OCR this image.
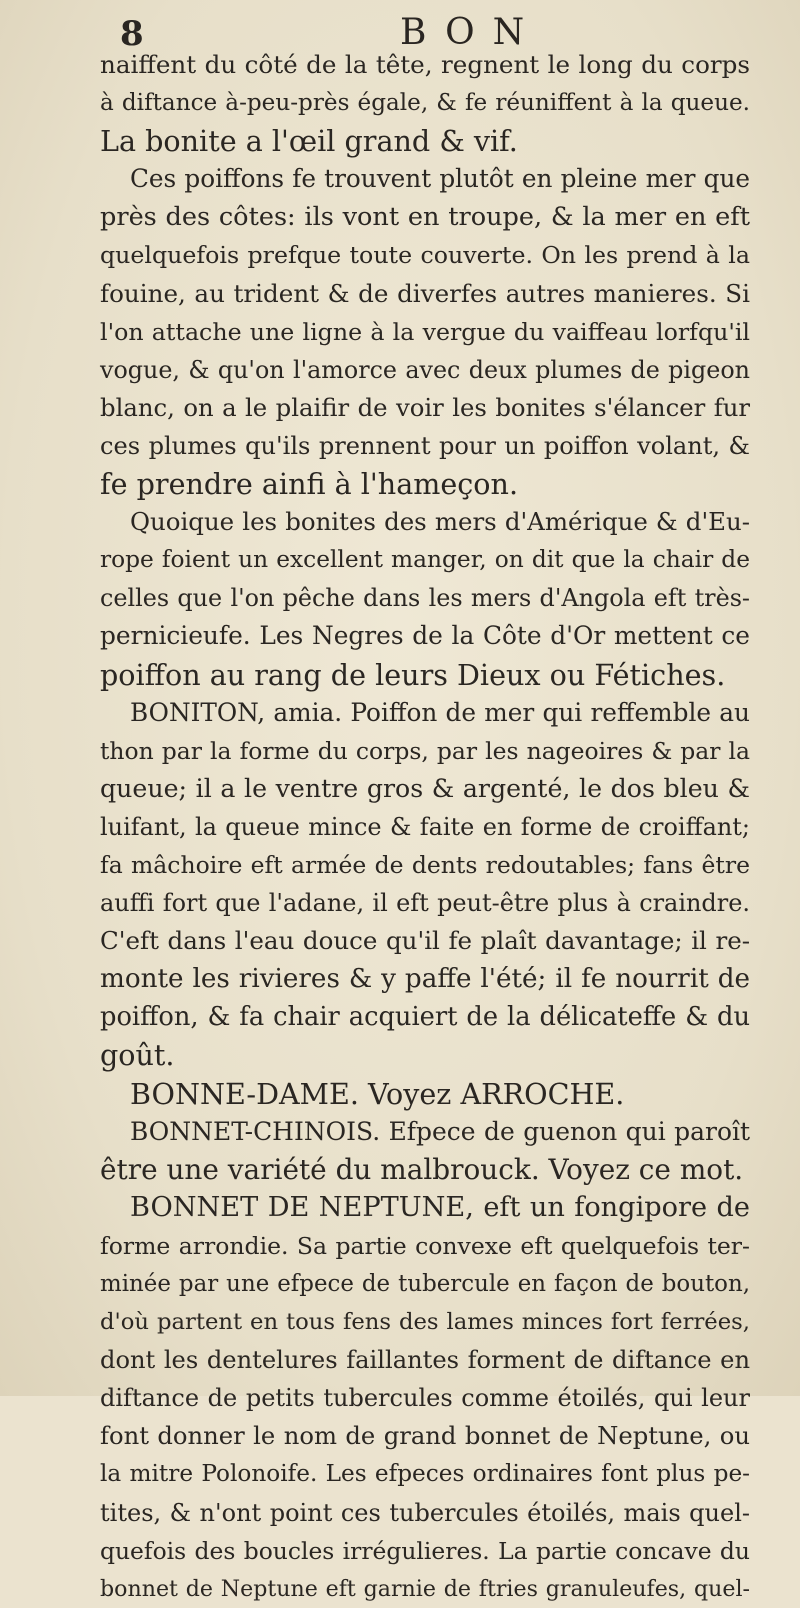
8	BON
naiffent du côté de la tête, regnent le long du corps
à diftance à-peu-près égale, & fe réuniffent à la queue.
La bonite a l'œil grand & vif.
Ces poiffons fe trouvent plutôt en pleine mer que
près des côtes: ils vont en troupe, & la mer en eft
quelquefois prefque toute couverte. On les prend à la
fouine, au trident & de diverfes autres manieres. Si
l'on attache une ligne à la vergue du vaiffeau lorfqu'il
vogue, & qu'on l'amorce avec deux plumes de pigeon
blanc, on a le plaifir de voir les bonites s'élancer fur
ces plumes qu'ils prennent pour un poiffon volant, &
fe prendre ainfi à l'hameçon.
Quoique les bonites des mers d'Amérique & d'Eu-
rope foient un excellent manger, on dit que la chair de
celles que l'on pêche dans les mers d'Angola eft très-
pernicieufe. Les Negres de la Côte d'Or mettent ce
poiffon au rang de leurs Dieux ou Fétiches.
BONITON, amia. Poiffon de mer qui reffemble au
thon par la forme du corps, par les nageoires & par la
queue; il a le ventre gros & argenté, le dos bleu &
luifant, la queue mince & faite en forme de croiffant;
fa mâchoire eft armée de dents redoutables; fans être
auffi fort que l'adane, il eft peut-être plus à craindre.
C'eft dans l'eau douce qu'il fe plaît davantage; il re-
monte les rivieres & y paffe l'été; il fe nourrit de
poiffon, & fa chair acquiert de la délicateffe & du
goût.
BONNE-DAME. Voyez ARROCHE.
BONNET-CHINOIS. Efpece de guenon qui paroît
être une variété du malbrouck. Voyez ce mot.
BONNET DE NEPTUNE, eft un fongipore de
forme arrondie. Sa partie convexe eft quelquefois ter-
minée par une efpece de tubercule en façon de bouton,
d'où partent en tous fens des lames minces fort ferrées,
dont les dentelures faillantes forment de diftance en
diftance de petits tubercules comme étoilés, qui leur
font donner le nom de grand bonnet de Neptune, ou
la mitre Polonoife. Les efpeces ordinaires font plus pe-
tites, & n'ont point ces tubercules étoilés, mais quel-
quefois des boucles irrégulieres. La partie concave du
bonnet de Neptune eft garnie de ftries granuleufes, quel-
